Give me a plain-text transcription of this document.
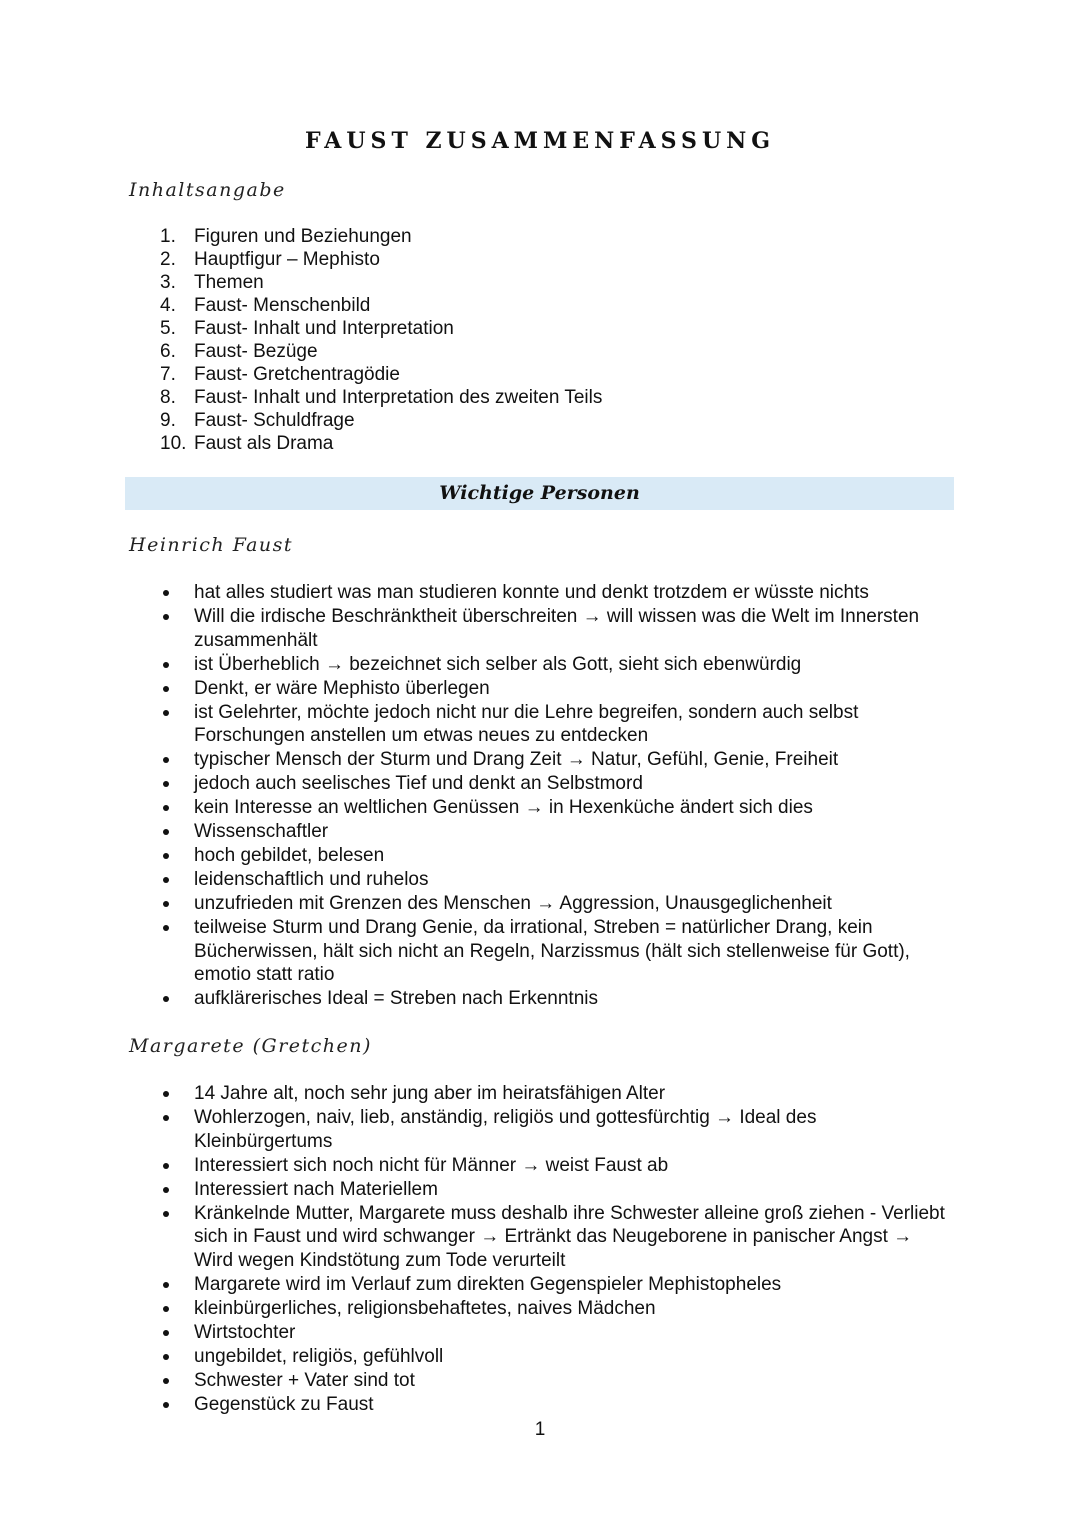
FAUST ZUSAMMENFASSUNG
Inhaltsangabe
1. Figuren und Beziehungen
2. Hauptfigur – Mephisto
3. Themen
4. Faust- Menschenbild
5. Faust- Inhalt und Interpretation
6. Faust- Bezüge
7. Faust- Gretchentragödie
8. Faust- Inhalt und Interpretation des zweiten Teils
9. Faust- Schuldfrage
10. Faust als Drama
Wichtige Personen
Heinrich Faust
hat alles studiert was man studieren konnte und denkt trotzdem er wüsste nichts
Will die irdische Beschränktheit überschreiten → will wissen was die Welt im Innersten zusammenhält
ist Überheblich → bezeichnet sich selber als Gott, sieht sich ebenwürdig
Denkt, er wäre Mephisto überlegen
ist Gelehrter, möchte jedoch nicht nur die Lehre begreifen, sondern auch selbst Forschungen anstellen um etwas neues zu entdecken
typischer Mensch der Sturm und Drang Zeit → Natur, Gefühl, Genie, Freiheit
jedoch auch seelisches Tief und denkt an Selbstmord
kein Interesse an weltlichen Genüssen → in Hexenküche ändert sich dies
Wissenschaftler
hoch gebildet, belesen
leidenschaftlich und ruhelos
unzufrieden mit Grenzen des Menschen → Aggression, Unausgeglichenheit
teilweise Sturm und Drang Genie, da irrational, Streben = natürlicher Drang, kein Bücherwissen, hält sich nicht an Regeln, Narzissmus (hält sich stellenweise für Gott), emotio statt ratio
aufklärerisches Ideal = Streben nach Erkenntnis
Margarete (Gretchen)
14 Jahre alt, noch sehr jung aber im heiratsfähigen Alter
Wohlerzogen, naiv, lieb, anständig, religiös und gottesfürchtig → Ideal des Kleinbürgertums
Interessiert sich noch nicht für Männer → weist Faust ab
Interessiert nach Materiellem
Kränkelnde Mutter, Margarete muss deshalb ihre Schwester alleine groß ziehen - Verliebt sich in Faust und wird schwanger → Ertränkt das Neugeborene in panischer Angst → Wird wegen Kindstötung zum Tode verurteilt
Margarete wird im Verlauf zum direkten Gegenspieler Mephistopheles
kleinbürgerliches, religionsbehaftetes, naives Mädchen
Wirtstochter
ungebildet, religiös, gefühlvoll
Schwester + Vater sind tot
Gegenstück zu Faust
1
